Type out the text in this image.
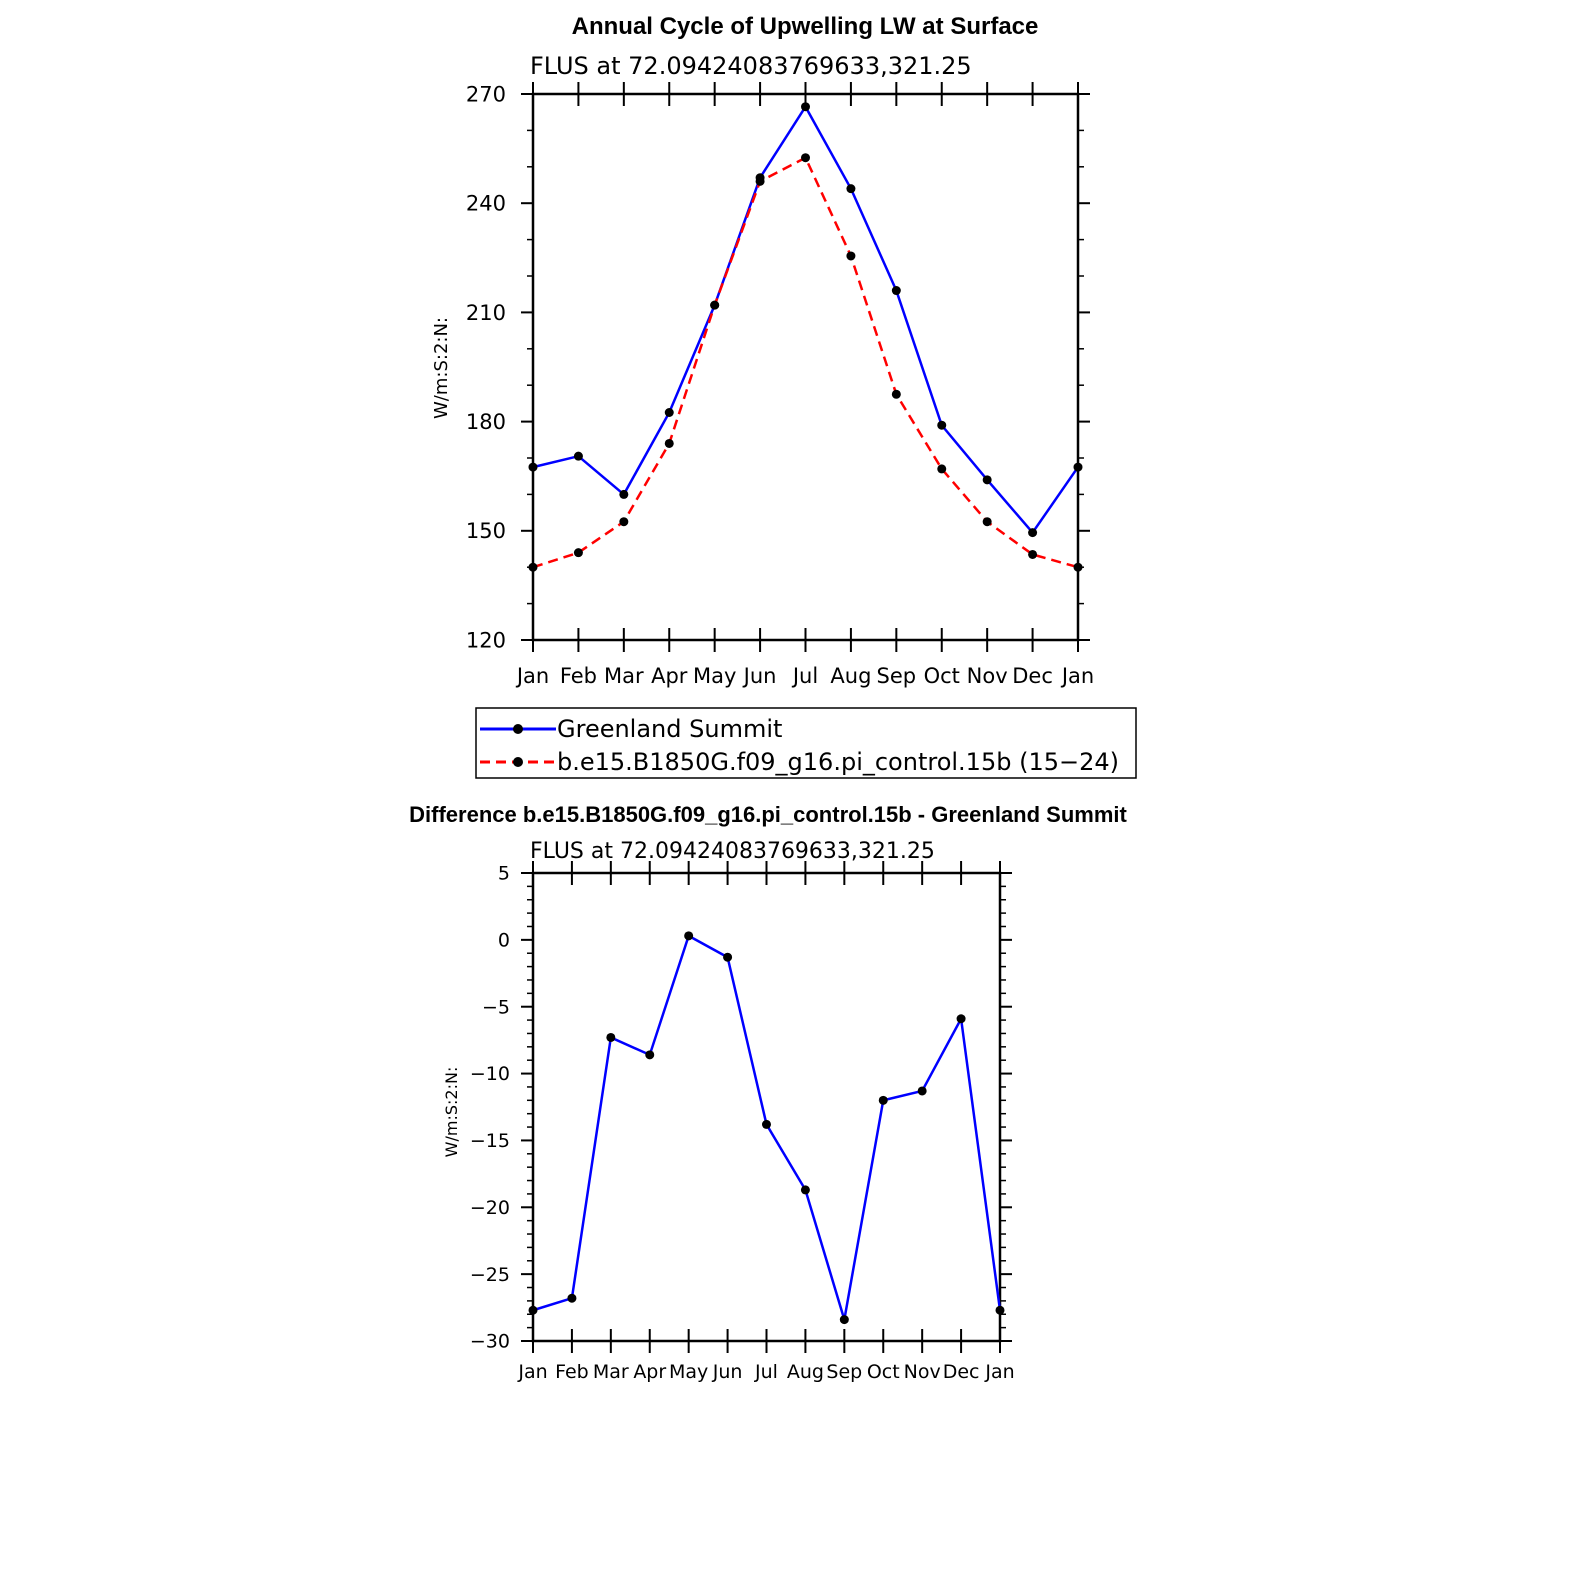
Annual Cycle of Upwelling LW at Surface
FLUS at 72.09424083769633,321.25
W/m:S:2:N:
120
150
180
210
240
270
Jan Feb Mar Apr May Jun Jul Aug Sep Oct Nov Dec Jan
Greenland Summit
b.e15.B1850G.f09_g16.pi_control.15b (15−24)
Difference b.e15.B1850G.f09_g16.pi_control.15b - Greenland Summit
FLUS at 72.09424083769633,321.25
W/m:S:2:N:
−30
−25
−20
−15
−10
−5
0
5
Jan Feb Mar Apr May Jun Jul Aug Sep Oct Nov Dec Jan
